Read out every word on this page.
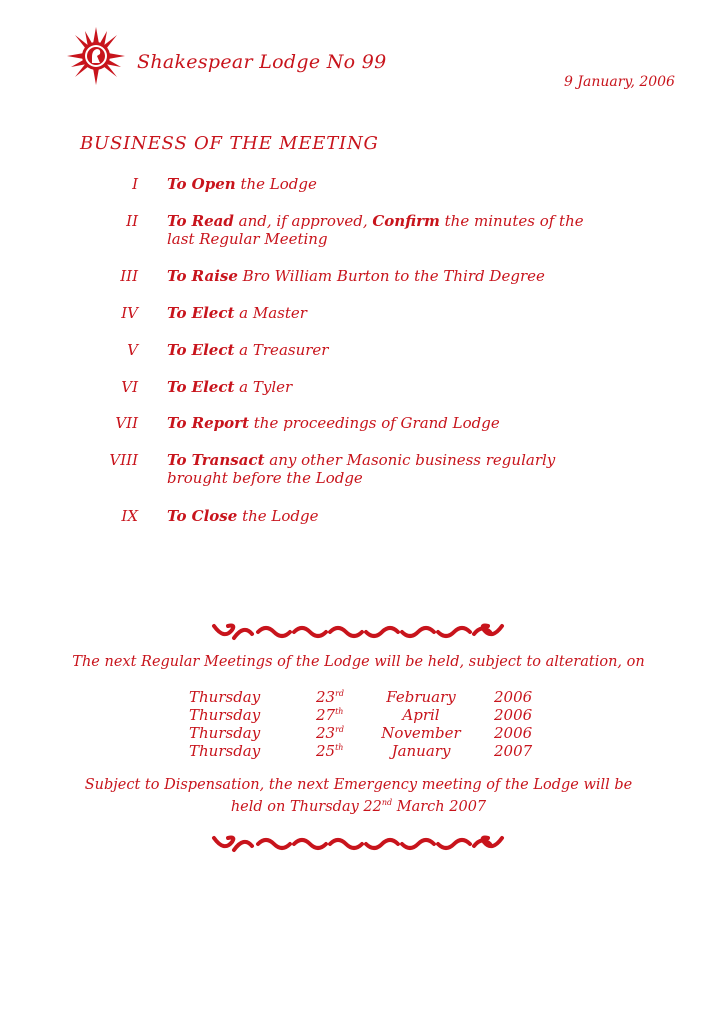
Shakespear Lodge No 99
9 January, 2006
BUSINESS OF THE MEETING
I To Open the Lodge
II To Read and, if approved, Confirm the minutes of the last Regular Meeting
III To Raise Bro William Burton to the Third Degree
IV To Elect a Master
V To Elect a Treasurer
VI To Elect a Tyler
VII To Report the proceedings of Grand Lodge
VIII To Transact any other Masonic business regularly brought before the Lodge
IX To Close the Lodge
The next Regular Meetings of the Lodge will be held, subject to alteration, on
Thursday	23rd	February	2006
Thursday	27th	April	2006
Thursday	23rd	November	2006
Thursday	25th	January	2007
Subject to Dispensation, the next Emergency meeting of the Lodge will be
held on Thursday 22nd March 2007
